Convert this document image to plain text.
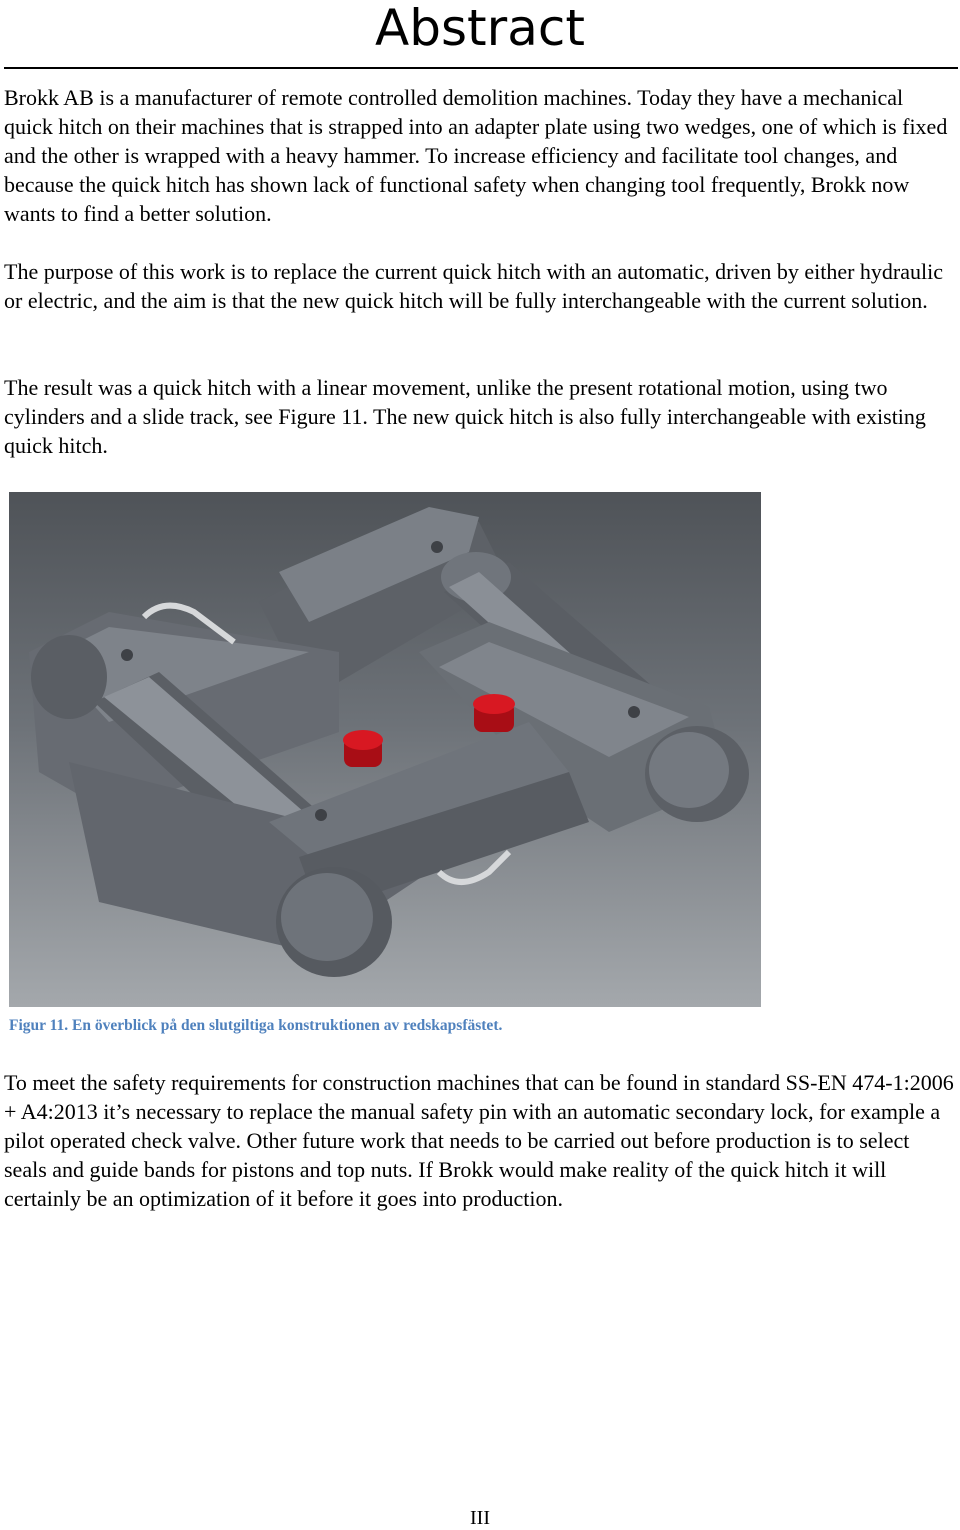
Abstract

Brokk AB is a manufacturer of remote controlled demolition machines. Today they have a mechanical quick hitch on their machines that is strapped into an adapter plate using two wedges, one of which is fixed and the other is wrapped with a heavy hammer. To increase efficiency and facilitate tool changes, and because the quick hitch has shown lack of functional safety when changing tool frequently, Brokk now wants to find a better solution.

The purpose of this work is to replace the current quick hitch with an automatic, driven by either hydraulic or electric, and the aim is that the new quick hitch will be fully interchangeable with the current solution.

The result was a quick hitch with a linear movement, unlike the present rotational motion, using two cylinders and a slide track, see Figure 11. The new quick hitch is also fully interchangeable with existing quick hitch.

Figur 11. En överblick på den slutgiltiga konstruktionen av redskapsfästet.

To meet the safety requirements for construction machines that can be found in standard SS-EN 474-1:2006 + A4:2013 it’s necessary to replace the manual safety pin with an automatic secondary lock, for example a pilot operated check valve. Other future work that needs to be carried out before production is to select seals and guide bands for pistons and top nuts. If Brokk would make reality of the quick hitch it will certainly be an optimization of it before it goes into production.

III
